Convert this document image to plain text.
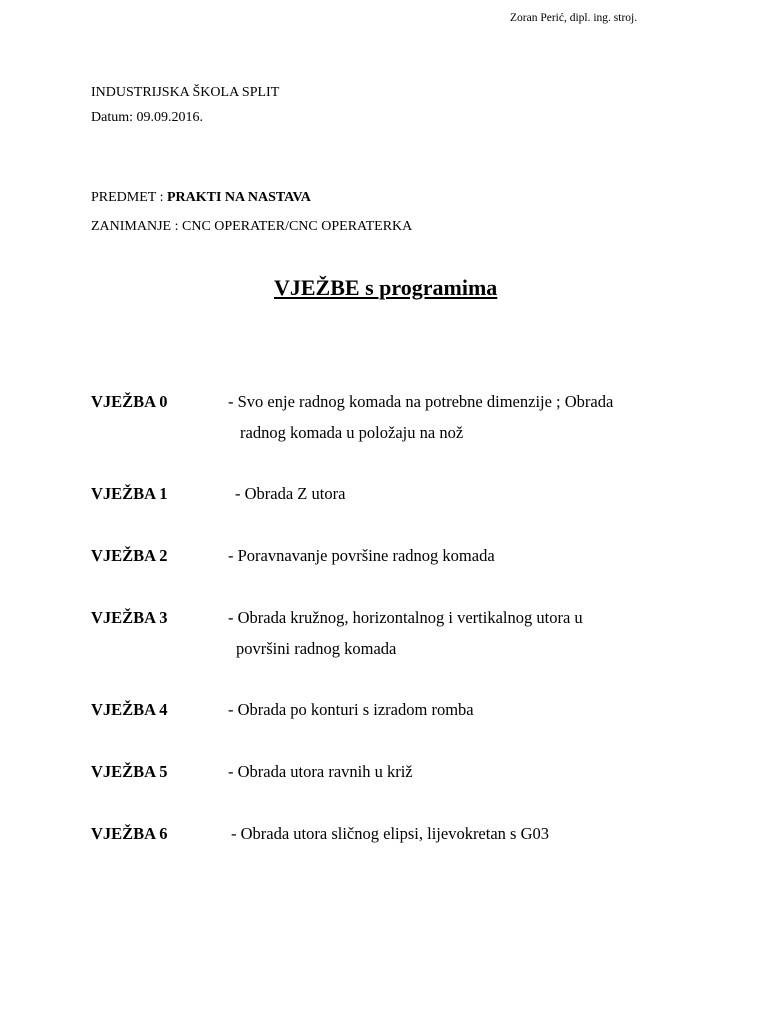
Zoran Perić, dipl. ing. stroj.
INDUSTRIJSKA ŠKOLA SPLIT
Datum: 09.09.2016.
PREDMET : PRAKTI NA NASTAVA
ZANIMANJE : CNC OPERATER/CNC OPERATERKA
VJEŽBE s programima
VJEŽBA 0	- Svo enje radnog komada na potrebne dimenzije ; Obrada
radnog komada u položaju na nož
VJEŽBA 1	- Obrada Z utora
VJEŽBA 2	- Poravnavanje površine radnog komada
VJEŽBA 3	- Obrada kružnog, horizontalnog i vertikalnog utora u
površini radnog komada
VJEŽBA 4	- Obrada po konturi s izradom romba
VJEŽBA 5	- Obrada utora ravnih u križ
VJEŽBA 6	- Obrada utora sličnog elipsi, lijevokretan s G03
